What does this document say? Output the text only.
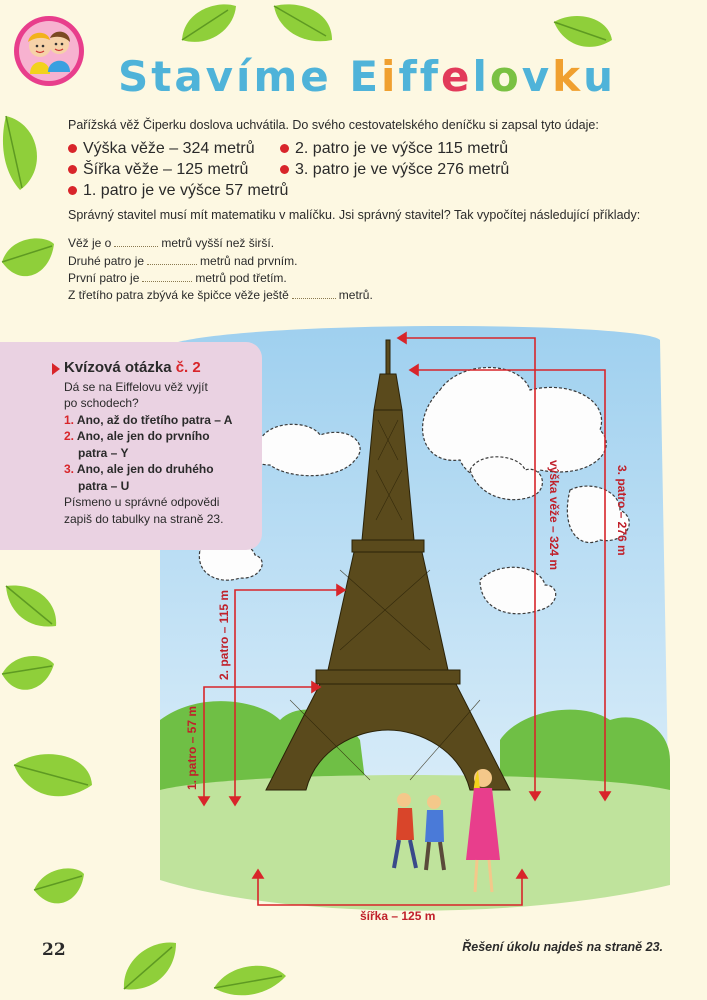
Stavíme Eiffelovku

Pařížská věž Čiperku doslova uchvátila. Do svého cestovatelského deníčku si zapsal tyto údaje:

Výška věže – 324 metrů
Šířka věže – 125 metrů
1. patro je ve výšce 57 metrů
2. patro je ve výšce 115 metrů
3. patro je ve výšce 276 metrů

Správný stavitel musí mít matematiku v malíčku. Jsi správný stavitel? Tak vypočítej následující příklady:

Věž je o	metrů vyšší než širší.
Druhé patro je	metrů nad prvním.
První patro je	metrů pod třetím.
Z třetího patra zbývá ke špičce věže ještě	metrů.
výška věže – 324 m	3. patro – 276 m
2. patro – 115 m
1. patro – 57 m
šířka – 125 m
Kvízová otázka č. 2
Dá se na Eiffelovu věž vyjít
po schodech?
1. Ano, až do třetího patra – A
2. Ano, ale jen do prvního
patra – Y
3. Ano, ale jen do druhého
patra – U
Písmeno u správné odpovědi
zapiš do tabulky na straně 23.
22	Řešení úkolu najdeš na straně 23.
